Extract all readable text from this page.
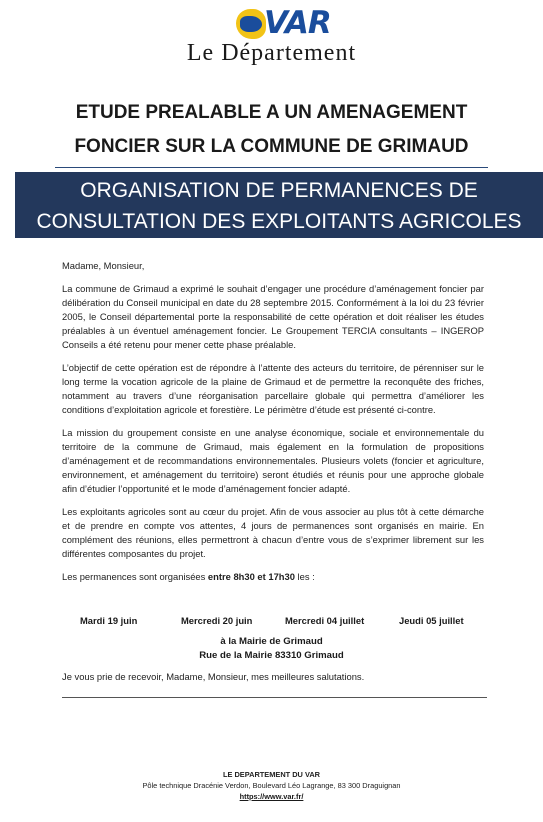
VAR
Le Département
ETUDE PREALABLE A UN AMENAGEMENT
FONCIER SUR LA COMMUNE DE GRIMAUD
ORGANISATION DE PERMANENCES DE
CONSULTATION DES EXPLOITANTS AGRICOLES

Madame, Monsieur,

La commune de Grimaud a exprimé le souhait d’engager une procédure d’aménagement foncier par délibération du Conseil municipal en date du 28 septembre 2015. Conformément à la loi du 23 février 2005, le Conseil départemental porte la responsabilité de cette opération et doit réaliser les études préalables à un éventuel aménagement foncier. Le Groupement TERCIA consultants – INGEROP Conseils a été retenu pour mener cette phase préalable.

L’objectif de cette opération est de répondre à l’attente des acteurs du territoire, de pérenniser sur le long terme la vocation agricole de la plaine de Grimaud et de permettre la reconquête des friches, notamment au travers d’une réorganisation parcellaire globale qui permettra d’améliorer les conditions d’exploitation agricole et forestière. Le périmètre d’étude est présenté ci-contre.

La mission du groupement consiste en une analyse économique, sociale et environnementale du territoire de la commune de Grimaud, mais également en la formulation de propositions d’aménagement et de recommandations environnementales. Plusieurs volets (foncier et agriculture, environnement, et aménagement du territoire) seront étudiés et réunis pour une approche globale afin d’étudier l’opportunité et le mode d’aménagement foncier adapté.

Les exploitants agricoles sont au cœur du projet. Afin de vous associer au plus tôt à cette démarche et de prendre en compte vos attentes, 4 jours de permanences sont organisés en mairie. En complément des réunions, elles permettront à chacun d’entre vous de s’exprimer librement sur les différentes composantes du projet.

Les permanences sont organisées entre 8h30 et 17h30 les :

Mardi 19 juin	Mercredi 20 juin	Mercredi 04 juillet	Jeudi 05 juillet
à la Mairie de Grimaud
Rue de la Mairie 83310 Grimaud
Je vous prie de recevoir, Madame, Monsieur, mes meilleures salutations.
LE DEPARTEMENT DU VAR
Pôle technique Dracénie Verdon, Boulevard Léo Lagrange, 83 300 Draguignan
https://www.var.fr/
